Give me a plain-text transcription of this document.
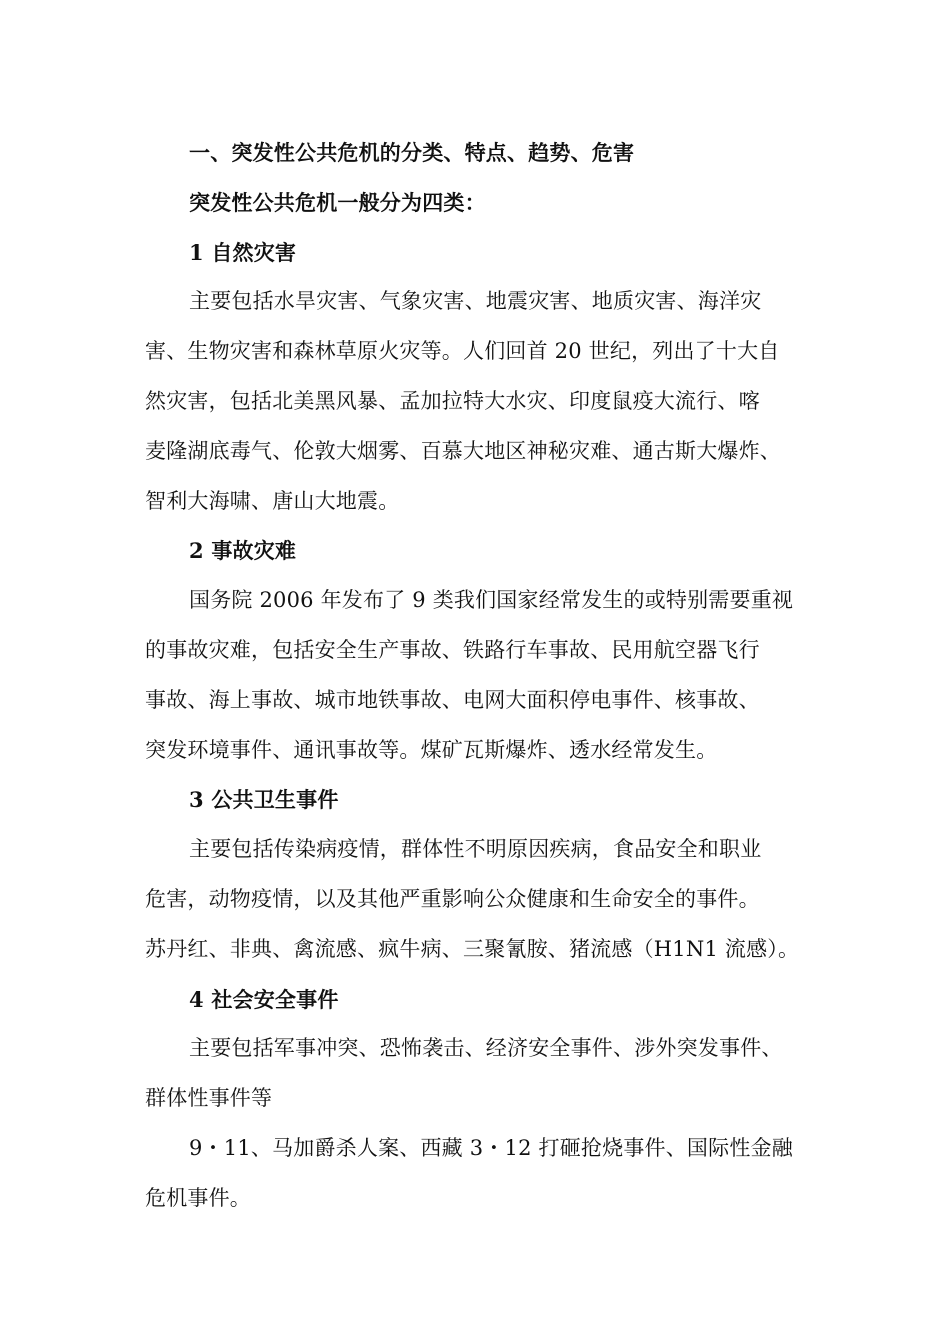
一、突发性公共危机的分类、特点、趋势、危害
突发性公共危机一般分为四类：
1 自然灾害
主要包括水旱灾害、气象灾害、地震灾害、地质灾害、海洋灾
害、生物灾害和森林草原火灾等。人们回首 20 世纪，列出了十大自
然灾害，包括北美黑风暴、孟加拉特大水灾、印度鼠疫大流行、喀
麦隆湖底毒气、伦敦大烟雾、百慕大地区神秘灾难、通古斯大爆炸、
智利大海啸、唐山大地震。
2 事故灾难
国务院 2006 年发布了 9 类我们国家经常发生的或特别需要重视
的事故灾难，包括安全生产事故、铁路行车事故、民用航空器飞行
事故、海上事故、城市地铁事故、电网大面积停电事件、核事故、
突发环境事件、通讯事故等。煤矿瓦斯爆炸、透水经常发生。
3 公共卫生事件
主要包括传染病疫情，群体性不明原因疾病，食品安全和职业
危害，动物疫情，以及其他严重影响公众健康和生命安全的事件。
苏丹红、非典、禽流感、疯牛病、三聚氰胺、猪流感（H1N1 流感）。
4 社会安全事件
主要包括军事冲突、恐怖袭击、经济安全事件、涉外突发事件、
群体性事件等
9・11、马加爵杀人案、西藏 3・12 打砸抢烧事件、国际性金融
危机事件。
